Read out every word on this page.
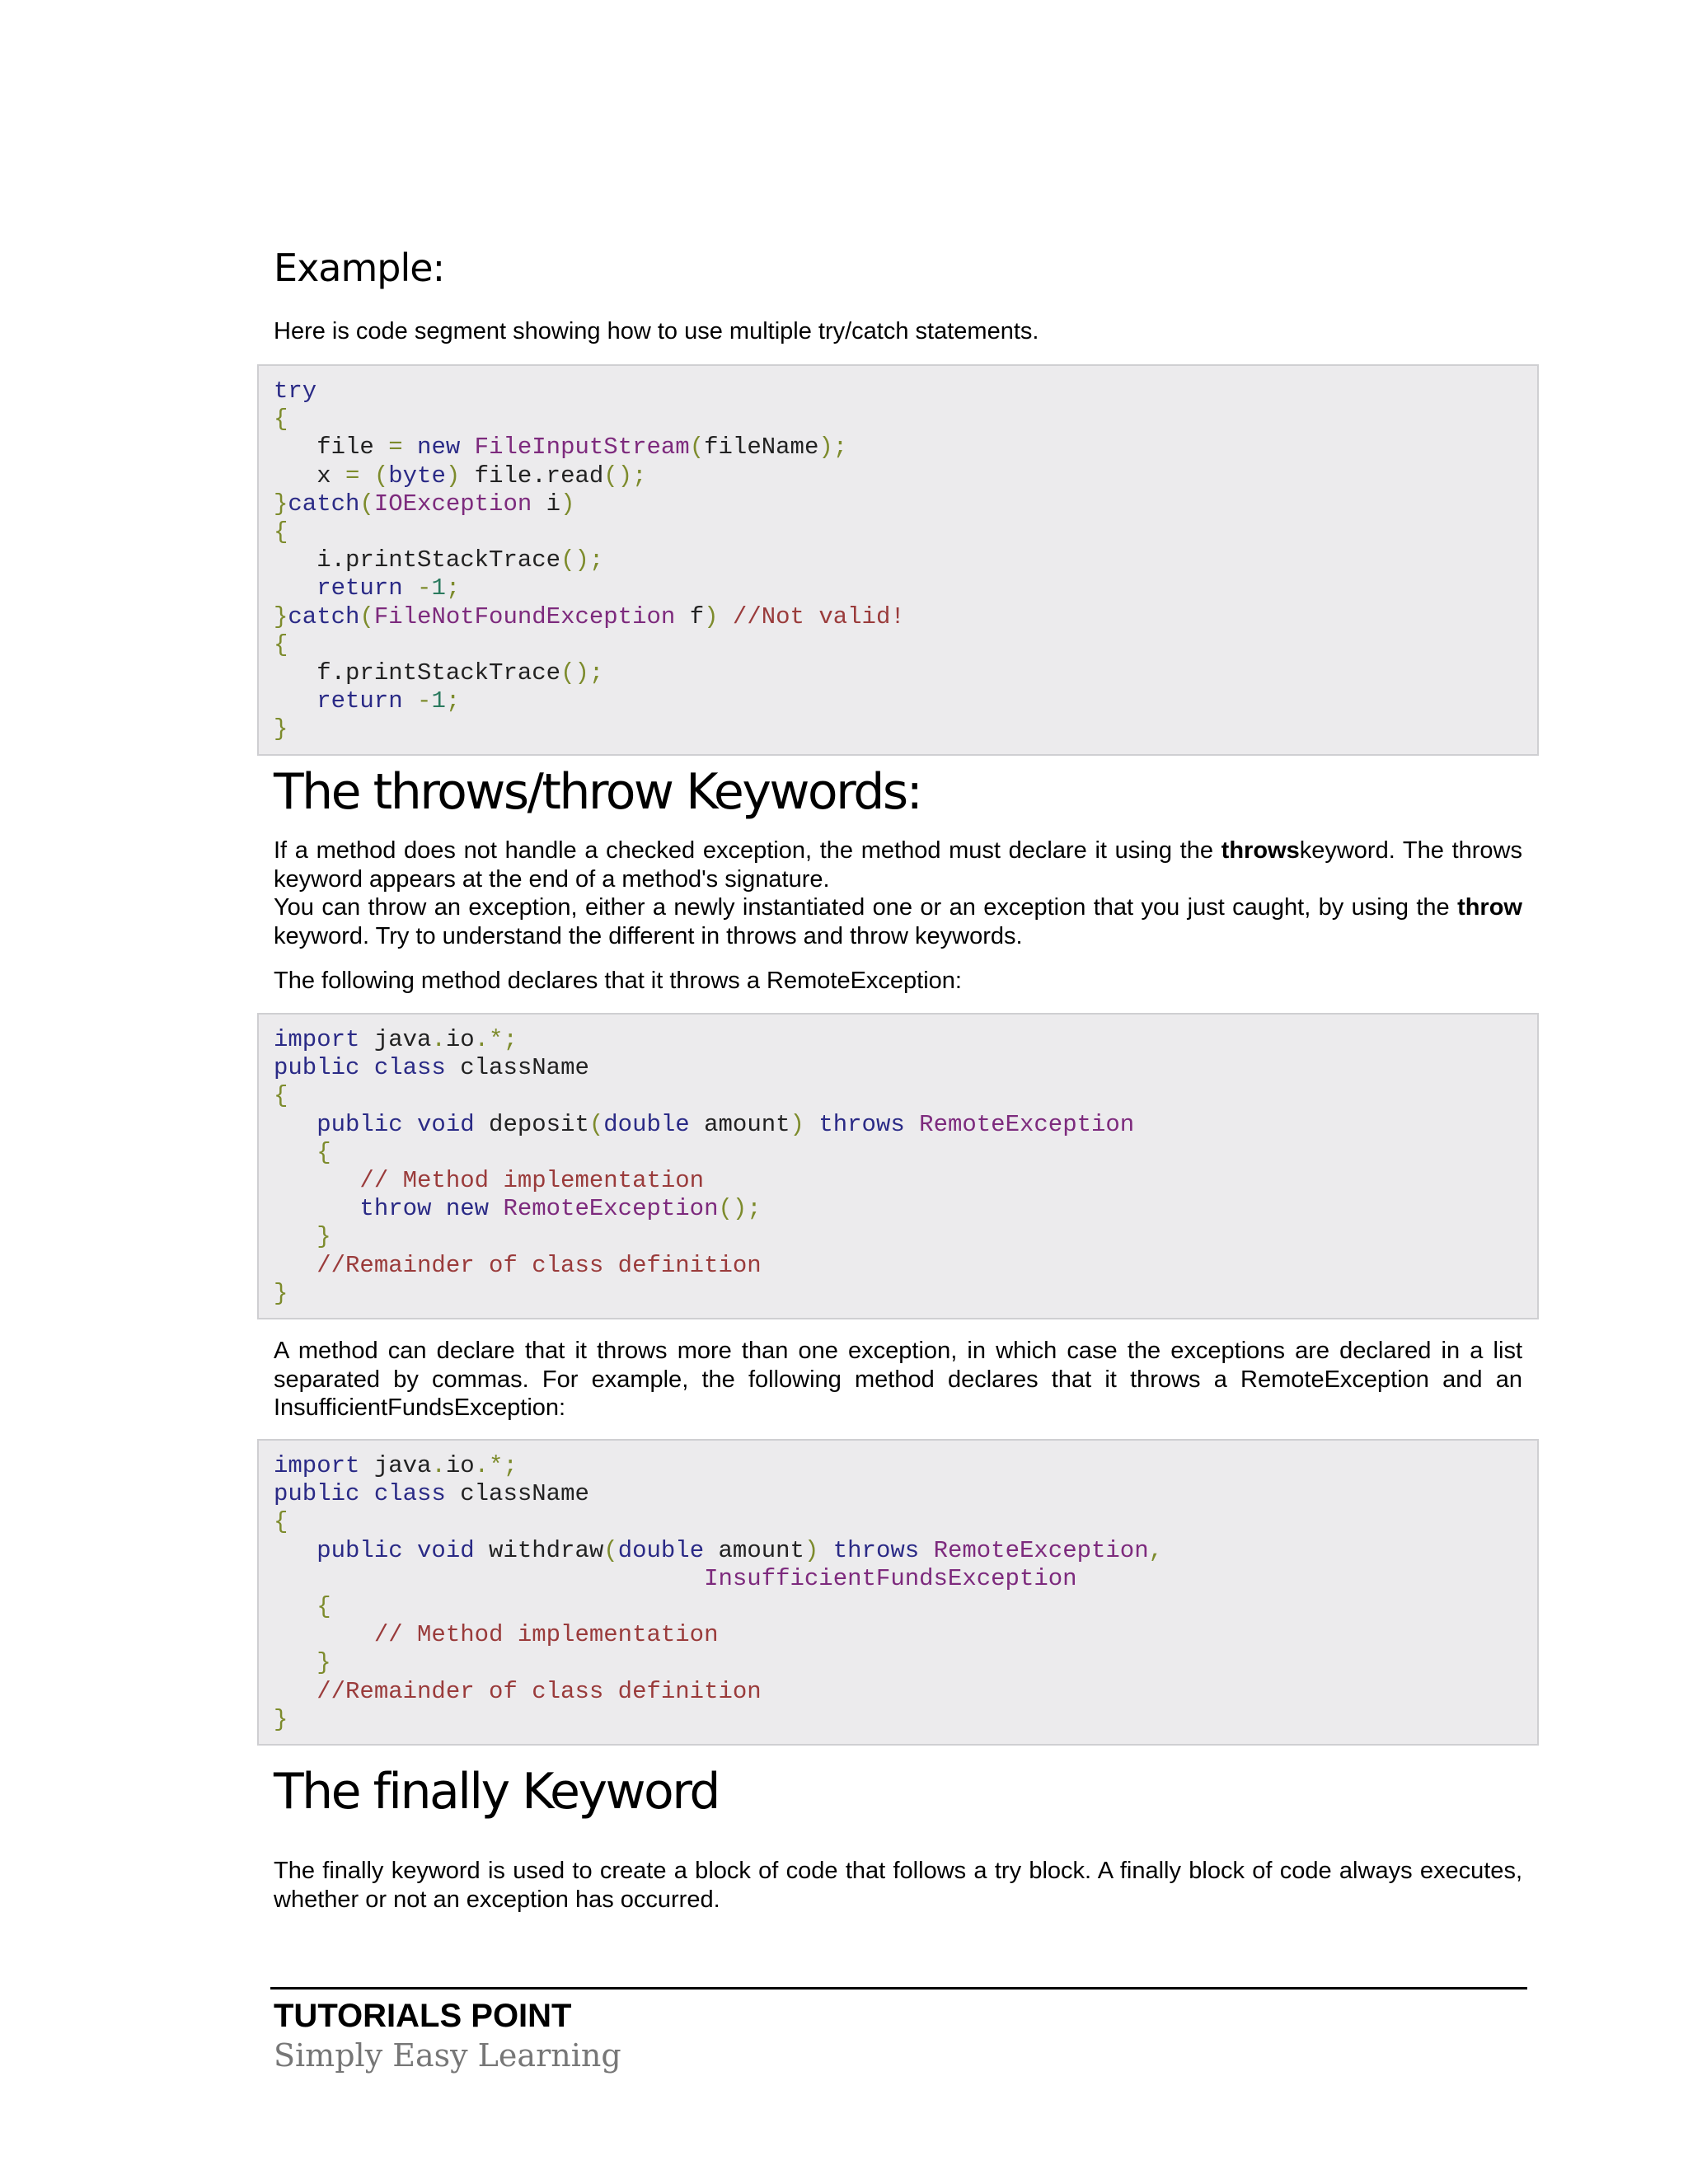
Example:

Here is code segment showing how to use multiple try/catch statements.

try
{
file = new FileInputStream(fileName);
x = (byte) file.read();
}catch(IOException i)
{
i.printStackTrace();
return -1;
}catch(FileNotFoundException f) //Not valid!
{
f.printStackTrace();
return -1;
}
The throws/throw Keywords:

If a method does not handle a checked exception, the method must declare it using the throwskeyword. The throws keyword appears at the end of a method's signature.

You can throw an exception, either a newly instantiated one or an exception that you just caught, by using the throw keyword. Try to understand the different in throws and throw keywords.

The following method declares that it throws a RemoteException:

import java.io.*;
public class className
{
public void deposit(double amount) throws RemoteException
{
// Method implementation
throw new RemoteException();
}
//Remainder of class definition
}

A method can declare that it throws more than one exception, in which case the exceptions are declared in a list separated by commas. For example, the following method declares that it throws a RemoteException and an InsufficientFundsException:

import java.io.*;
public class className
{
public void withdraw(double amount) throws RemoteException,
InsufficientFundsException
{
// Method implementation
}
//Remainder of class definition
}
The finally Keyword

The finally keyword is used to create a block of code that follows a try block. A finally block of code always executes, whether or not an exception has occurred.

TUTORIALS POINT

Simply Easy Learning
